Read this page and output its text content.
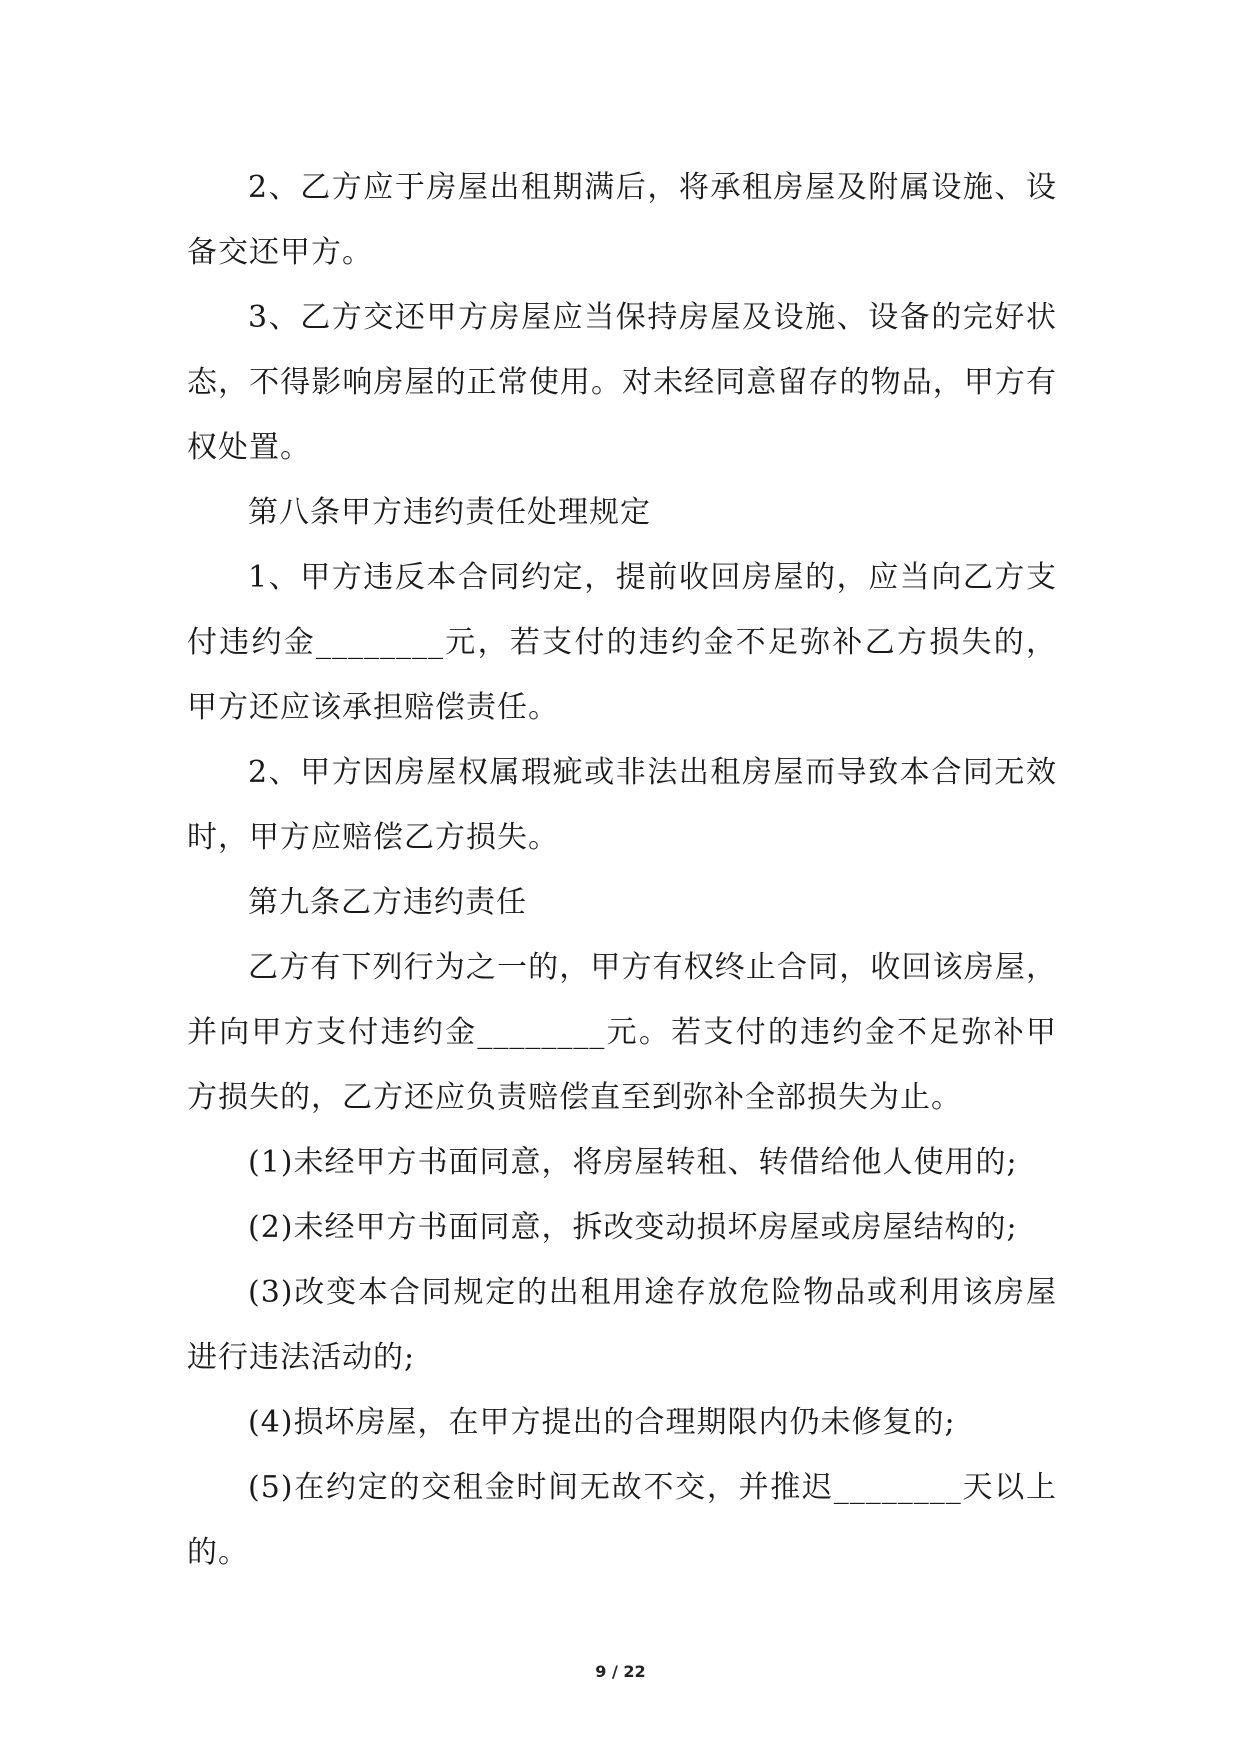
2、乙方应于房屋出租期满后，将承租房屋及附属设施、设备交还甲方。

3、乙方交还甲方房屋应当保持房屋及设施、设备的完好状态，不得影响房屋的正常使用。对未经同意留存的物品，甲方有权处置。

第八条甲方违约责任处理规定

1、甲方违反本合同约定，提前收回房屋的，应当向乙方支付违约金________元，若支付的违约金不足弥补乙方损失的，甲方还应该承担赔偿责任。

2、甲方因房屋权属瑕疵或非法出租房屋而导致本合同无效时，甲方应赔偿乙方损失。

第九条乙方违约责任

乙方有下列行为之一的，甲方有权终止合同，收回该房屋，并向甲方支付违约金________元。若支付的违约金不足弥补甲方损失的，乙方还应负责赔偿直至到弥补全部损失为止。

(1)未经甲方书面同意，将房屋转租、转借给他人使用的;

(2)未经甲方书面同意，拆改变动损坏房屋或房屋结构的;

(3)改变本合同规定的出租用途存放危险物品或利用该房屋进行违法活动的;

(4)损坏房屋，在甲方提出的合理期限内仍未修复的;

(5)在约定的交租金时间无故不交，并推迟________天以上的。

9 / 22
